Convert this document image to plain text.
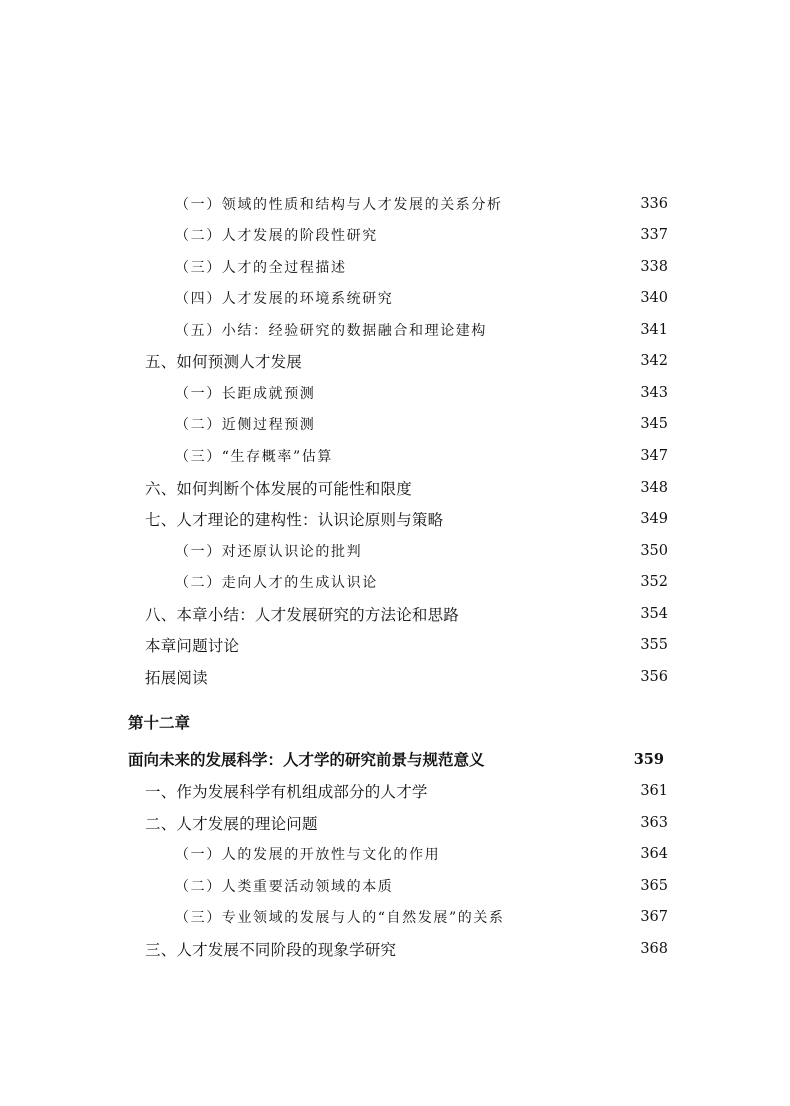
（一）领域的性质和结构与人才发展的关系分析	336
（二）人才发展的阶段性研究	337
（三）人才的全过程描述	338
（四）人才发展的环境系统研究	340
（五）小结：经验研究的数据融合和理论建构	341
五、如何预测人才发展	342
（一）长距成就预测	343
（二）近侧过程预测	345
（三）“生存概率”估算	347
六、如何判断个体发展的可能性和限度	348
七、人才理论的建构性：认识论原则与策略	349
（一）对还原认识论的批判	350
（二）走向人才的生成认识论	352
八、本章小结：人才发展研究的方法论和思路	354
本章问题讨论	355
拓展阅读	356
第十二章
面向未来的发展科学：人才学的研究前景与规范意义	359
一、作为发展科学有机组成部分的人才学	361
二、人才发展的理论问题	363
（一）人的发展的开放性与文化的作用	364
（二）人类重要活动领域的本质	365
（三）专业领域的发展与人的“自然发展”的关系	367
三、人才发展不同阶段的现象学研究	368
